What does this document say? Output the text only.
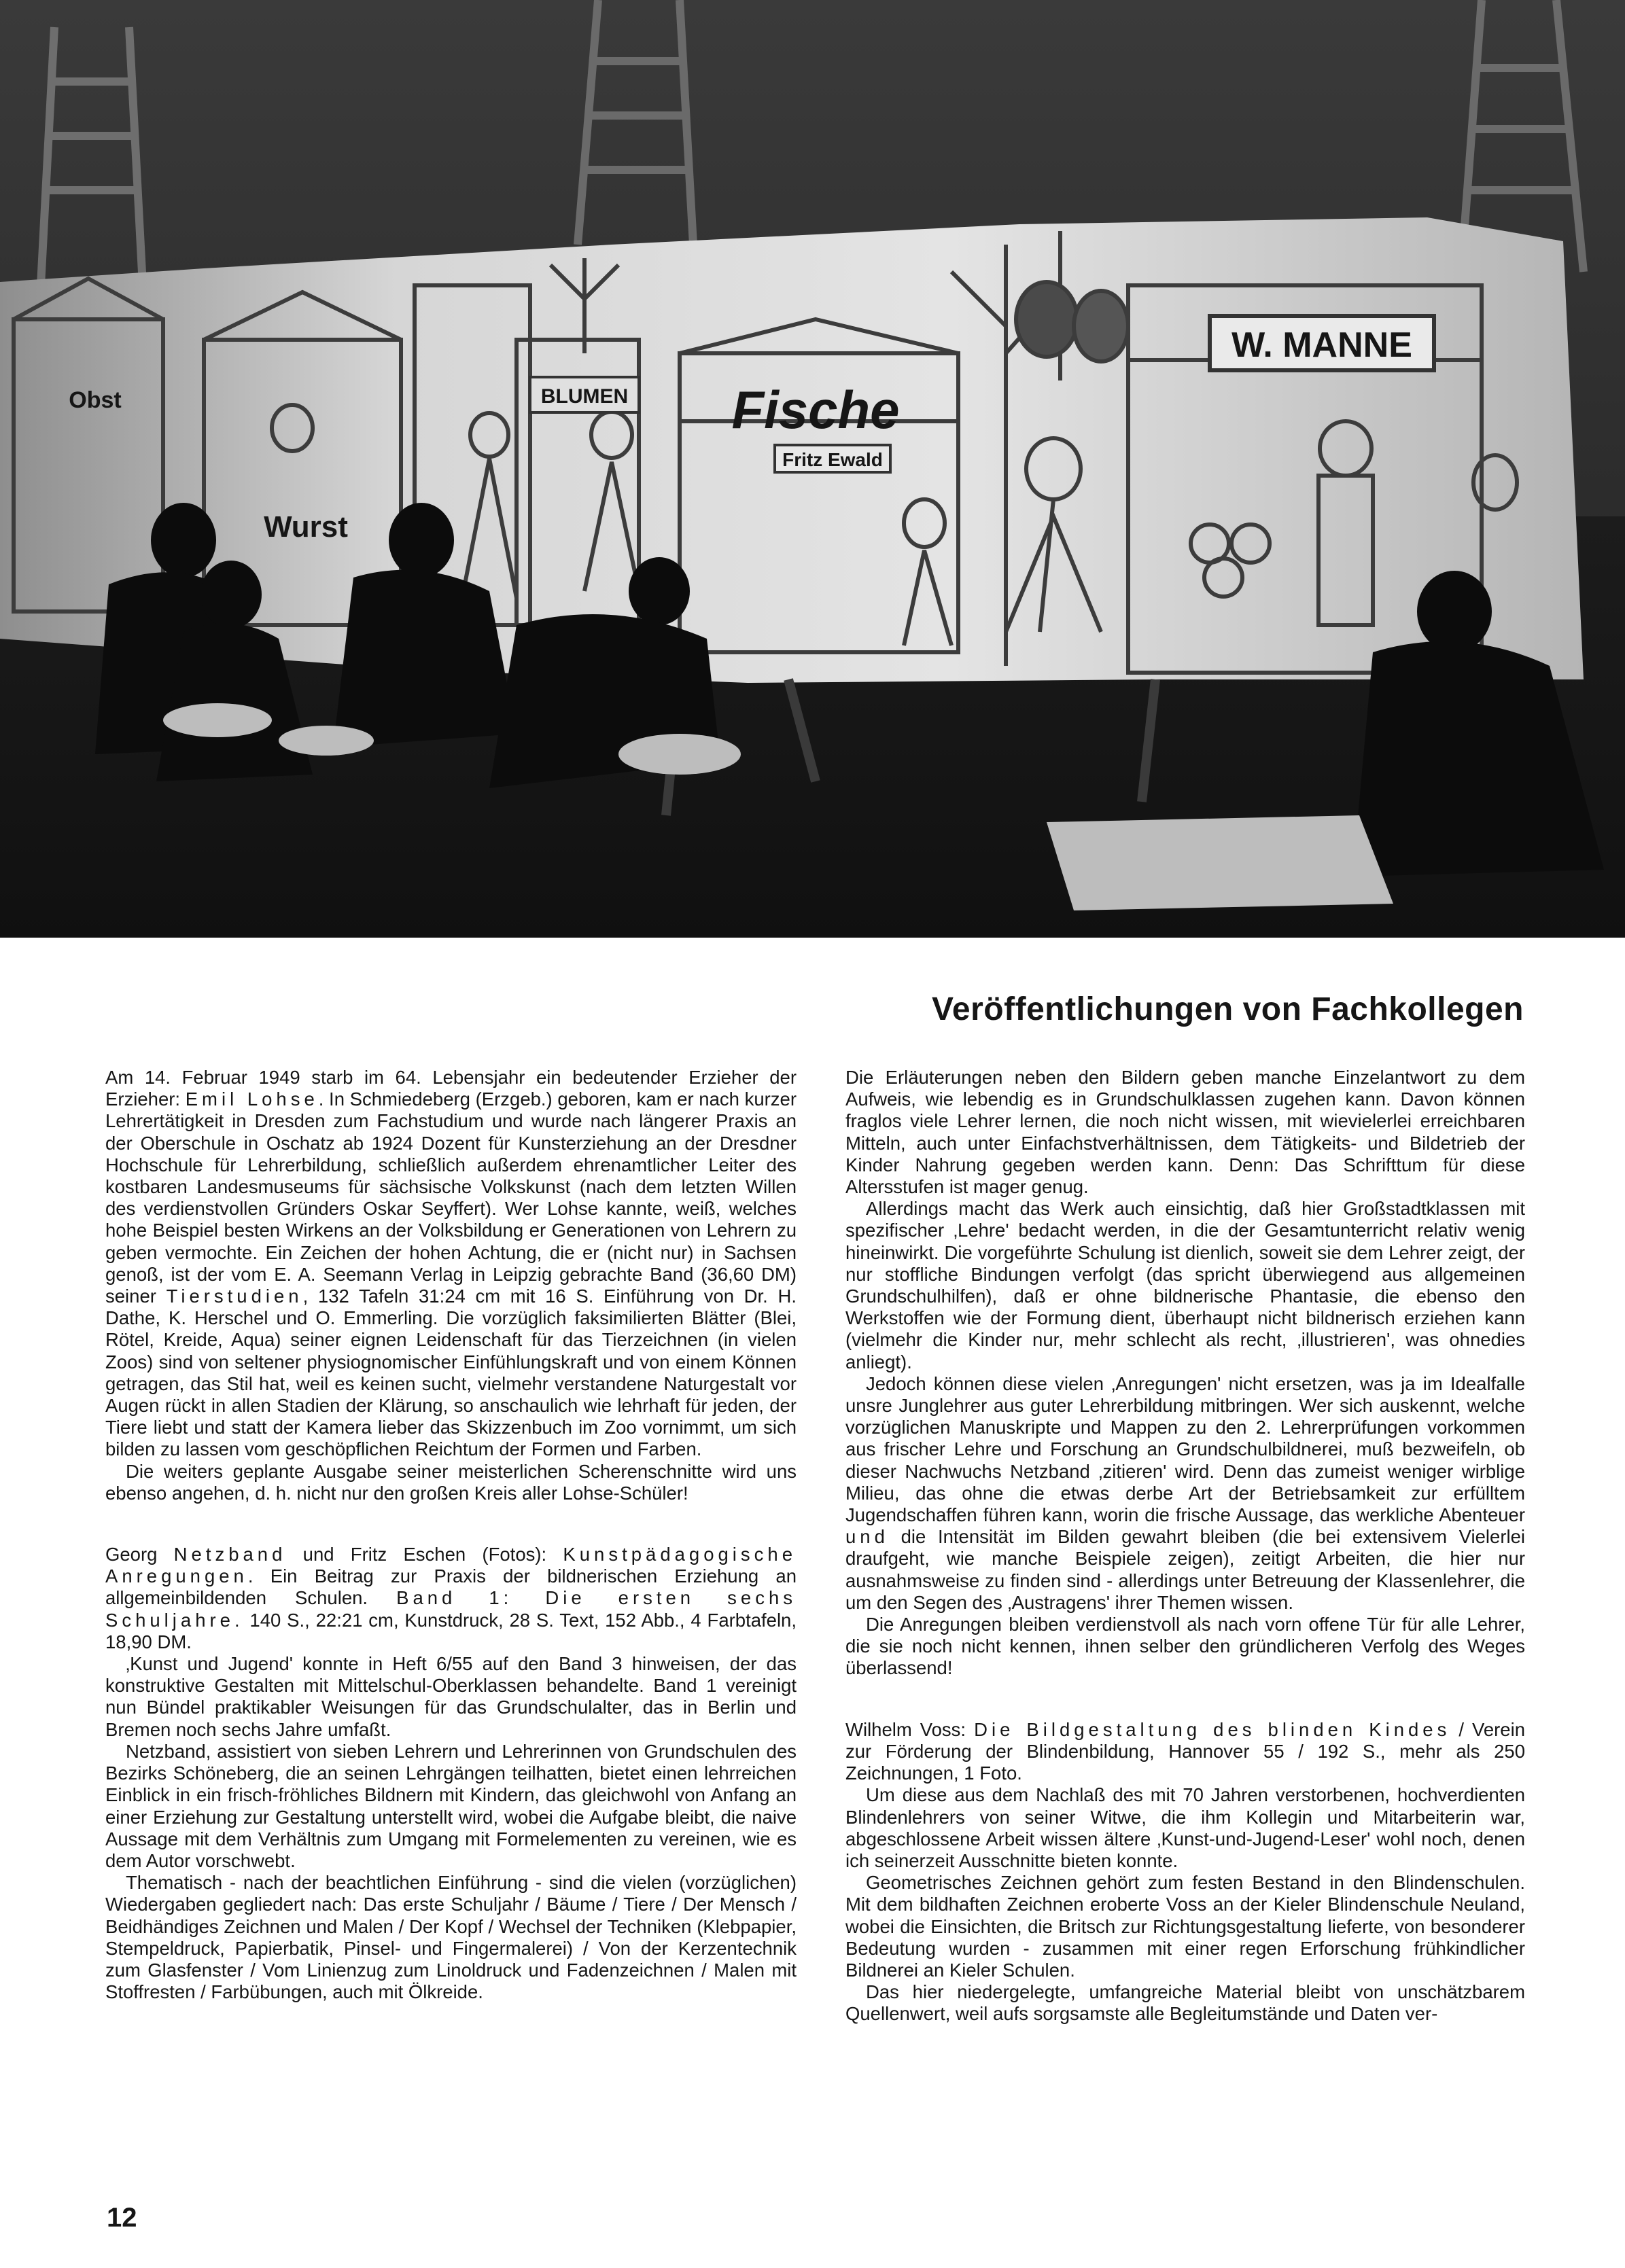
W. MANNE
Fische
Fritz Ewald
BLUMEN
Wurst
Obst
Veröffentlichungen von Fachkollegen

Am 14. Februar 1949 starb im 64. Lebensjahr ein bedeutender Erzieher der Erzieher: Emil Lohse. In Schmiedeberg (Erzgeb.) geboren, kam er nach kurzer Lehrertätigkeit in Dresden zum Fachstudium und wurde nach längerer Praxis an der Oberschule in Oschatz ab 1924 Dozent für Kunsterziehung an der Dresdner Hochschule für Lehrerbildung, schließlich außerdem ehrenamtlicher Leiter des kostbaren Landesmuseums für sächsische Volkskunst (nach dem letzten Willen des verdienstvollen Gründers Oskar Seyffert). Wer Lohse kannte, weiß, welches hohe Beispiel besten Wirkens an der Volksbildung er Generationen von Lehrern zu geben vermochte. Ein Zeichen der hohen Achtung, die er (nicht nur) in Sachsen genoß, ist der vom E. A. Seemann Verlag in Leipzig gebrachte Band (36,60 DM) seiner Tierstudien, 132 Tafeln 31:24 cm mit 16 S. Einführung von Dr. H. Dathe, K. Herschel und O. Emmerling. Die vorzüglich faksimilierten Blätter (Blei, Rötel, Kreide, Aqua) seiner eignen Leidenschaft für das Tierzeichnen (in vielen Zoos) sind von seltener physiognomischer Einfühlungskraft und von einem Können getragen, das Stil hat, weil es keinen sucht, vielmehr verstandene Naturgestalt vor Augen rückt in allen Stadien der Klärung, so anschaulich wie lehrhaft für jeden, der Tiere liebt und statt der Kamera lieber das Skizzenbuch im Zoo vornimmt, um sich bilden zu lassen vom geschöpflichen Reichtum der Formen und Farben.

Die weiters geplante Ausgabe seiner meisterlichen Scherenschnitte wird uns ebenso angehen, d. h. nicht nur den großen Kreis aller Lohse-Schüler!

Georg Netzband und Fritz Eschen (Fotos): Kunstpädagogische Anregungen. Ein Beitrag zur Praxis der bildnerischen Erziehung an allgemeinbildenden Schulen. Band 1: Die ersten sechs Schuljahre. 140 S., 22:21 cm, Kunstdruck, 28 S. Text, 152 Abb., 4 Farbtafeln, 18,90 DM.

‚Kunst und Jugend' konnte in Heft 6/55 auf den Band 3 hinweisen, der das konstruktive Gestalten mit Mittelschul-Oberklassen behandelte. Band 1 vereinigt nun Bündel praktikabler Weisungen für das Grundschulalter, das in Berlin und Bremen noch sechs Jahre umfaßt.

Netzband, assistiert von sieben Lehrern und Lehrerinnen von Grundschulen des Bezirks Schöneberg, die an seinen Lehrgängen teilhatten, bietet einen lehrreichen Einblick in ein frisch-fröhliches Bildnern mit Kindern, das gleichwohl von Anfang an einer Erziehung zur Gestaltung unterstellt wird, wobei die Aufgabe bleibt, die naive Aussage mit dem Verhältnis zum Umgang mit Formelementen zu vereinen, wie es dem Autor vorschwebt.

Thematisch - nach der beachtlichen Einführung - sind die vielen (vorzüglichen) Wiedergaben gegliedert nach: Das erste Schuljahr / Bäume / Tiere / Der Mensch / Beidhändiges Zeichnen und Malen / Der Kopf / Wechsel der Techniken (Klebpapier, Stempeldruck, Papierbatik, Pinsel- und Fingermalerei) / Von der Kerzentechnik zum Glasfenster / Vom Linienzug zum Linoldruck und Fadenzeichnen / Malen mit Stoffresten / Farbübungen, auch mit Ölkreide.

Die Erläuterungen neben den Bildern geben manche Einzelantwort zu dem Aufweis, wie lebendig es in Grundschulklassen zugehen kann. Davon können fraglos viele Lehrer lernen, die noch nicht wissen, mit wievielerlei erreichbaren Mitteln, auch unter Einfachstverhältnissen, dem Tätigkeits- und Bildetrieb der Kinder Nahrung gegeben werden kann. Denn: Das Schrifttum für diese Altersstufen ist mager genug.

Allerdings macht das Werk auch einsichtig, daß hier Großstadtklassen mit spezifischer ‚Lehre' bedacht werden, in die der Gesamtunterricht relativ wenig hineinwirkt. Die vorgeführte Schulung ist dienlich, soweit sie dem Lehrer zeigt, der nur stoffliche Bindungen verfolgt (das spricht überwiegend aus allgemeinen Grundschulhilfen), daß er ohne bildnerische Phantasie, die ebenso den Werkstoffen wie der Formung dient, überhaupt nicht bildnerisch erziehen kann (vielmehr die Kinder nur, mehr schlecht als recht, ‚illustrieren', was ohnedies anliegt).

Jedoch können diese vielen ‚Anregungen' nicht ersetzen, was ja im Idealfalle unsre Junglehrer aus guter Lehrerbildung mitbringen. Wer sich auskennt, welche vorzüglichen Manuskripte und Mappen zu den 2. Lehrerprüfungen vorkommen aus frischer Lehre und Forschung an Grundschulbildnerei, muß bezweifeln, ob dieser Nachwuchs Netzband ‚zitieren' wird. Denn das zumeist weniger wirblige Milieu, das ohne die etwas derbe Art der Betriebsamkeit zur erfülltem Jugendschaffen führen kann, worin die frische Aussage, das werkliche Abenteuer und die Intensität im Bilden gewahrt bleiben (die bei extensivem Vielerlei draufgeht, wie manche Beispiele zeigen), zeitigt Arbeiten, die hier nur ausnahmsweise zu finden sind - allerdings unter Betreuung der Klassenlehrer, die um den Segen des ‚Austragens' ihrer Themen wissen.

Die Anregungen bleiben verdienstvoll als nach vorn offene Tür für alle Lehrer, die sie noch nicht kennen, ihnen selber den gründlicheren Verfolg des Weges überlassend!

Wilhelm Voss: Die Bildgestaltung des blinden Kindes / Verein zur Förderung der Blindenbildung, Hannover 55 / 192 S., mehr als 250 Zeichnungen, 1 Foto.

Um diese aus dem Nachlaß des mit 70 Jahren verstorbenen, hochverdienten Blindenlehrers von seiner Witwe, die ihm Kollegin und Mitarbeiterin war, abgeschlossene Arbeit wissen ältere ‚Kunst-und-Jugend-Leser' wohl noch, denen ich seinerzeit Ausschnitte bieten konnte.

Geometrisches Zeichnen gehört zum festen Bestand in den Blindenschulen. Mit dem bildhaften Zeichnen eroberte Voss an der Kieler Blindenschule Neuland, wobei die Einsichten, die Britsch zur Richtungsgestaltung lieferte, von besonderer Bedeutung wurden - zusammen mit einer regen Erforschung frühkindlicher Bildnerei an Kieler Schulen.

Das hier niedergelegte, umfangreiche Material bleibt von unschätzbarem Quellenwert, weil aufs sorgsamste alle Begleitumstände und Daten ver-

12
